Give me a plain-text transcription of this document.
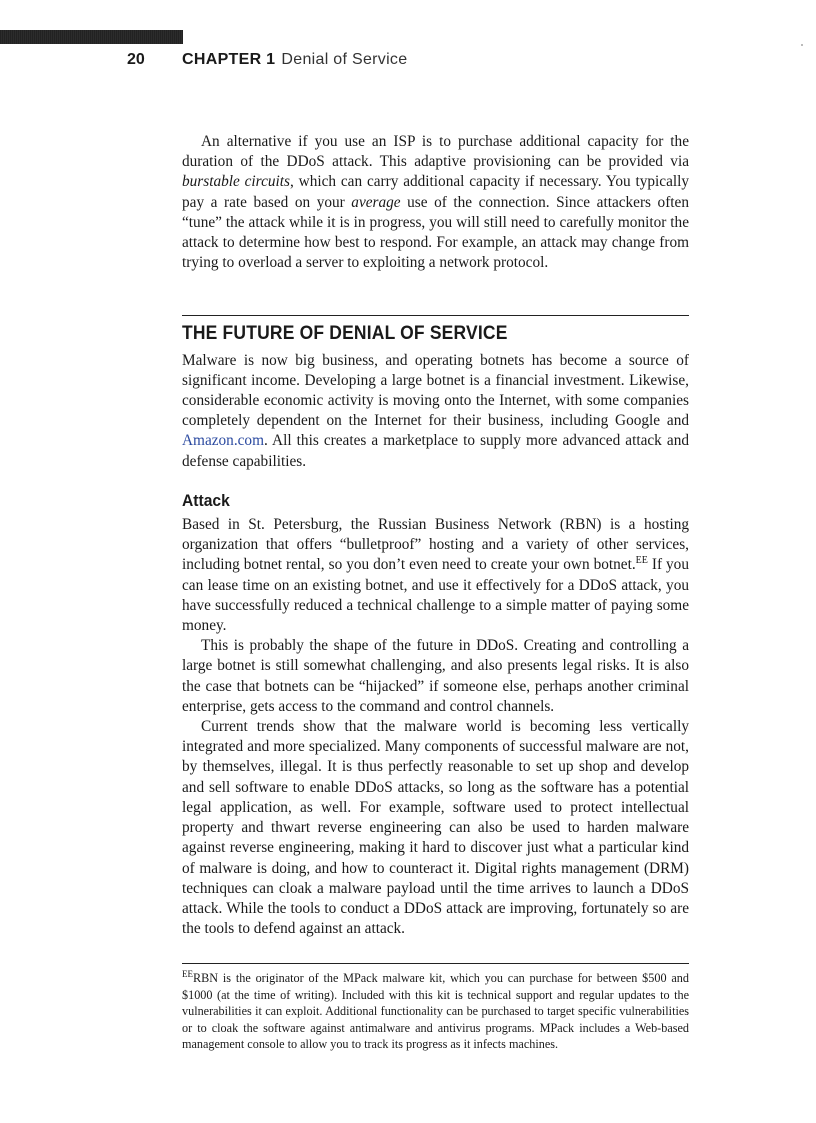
20 CHAPTER 1 Denial of Service

An alternative if you use an ISP is to purchase additional capacity for the duration of the DDoS attack. This adaptive provisioning can be provided via burstable circuits, which can carry additional capacity if necessary. You typically pay a rate based on your average use of the connection. Since attackers often “tune” the attack while it is in progress, you will still need to carefully monitor the attack to determine how best to respond. For example, an attack may change from trying to overload a server to exploiting a network protocol.

THE FUTURE OF DENIAL OF SERVICE

Malware is now big business, and operating botnets has become a source of significant income. Developing a large botnet is a financial investment. Likewise, considerable economic activity is moving onto the Internet, with some companies completely dependent on the Internet for their business, including Google and Amazon.com. All this creates a marketplace to supply more advanced attack and defense capabilities.

Attack

Based in St. Petersburg, the Russian Business Network (RBN) is a hosting organization that offers “bulletproof” hosting and a variety of other services, including botnet rental, so you don’t even need to create your own botnet.$^{EE}$ If you can lease time on an existing botnet, and use it effectively for a DDoS attack, you have successfully reduced a technical challenge to a simple matter of paying some money.

This is probably the shape of the future in DDoS. Creating and controlling a large botnet is still somewhat challenging, and also presents legal risks. It is also the case that botnets can be “hijacked” if someone else, perhaps another criminal enterprise, gets access to the command and control channels.

Current trends show that the malware world is becoming less vertically integrated and more specialized. Many components of successful malware are not, by themselves, illegal. It is thus perfectly reasonable to set up shop and develop and sell software to enable DDoS attacks, so long as the software has a potential legal application, as well. For example, software used to protect intellectual property and thwart reverse engineering can also be used to harden malware against reverse engineering, making it hard to discover just what a particular kind of malware is doing, and how to counteract it. Digital rights management (DRM) techniques can cloak a malware payload until the time arrives to launch a DDoS attack. While the tools to conduct a DDoS attack are improving, fortunately so are the tools to defend against an attack.

$^{EE}$RBN is the originator of the MPack malware kit, which you can purchase for between $500 and $1000 (at the time of writing). Included with this kit is technical support and regular updates to the vulnerabilities it can exploit. Additional functionality can be purchased to target specific vulnerabilities or to cloak the software against antimalware and antivirus programs. MPack includes a Web-based management console to allow you to track its progress as it infects machines.
